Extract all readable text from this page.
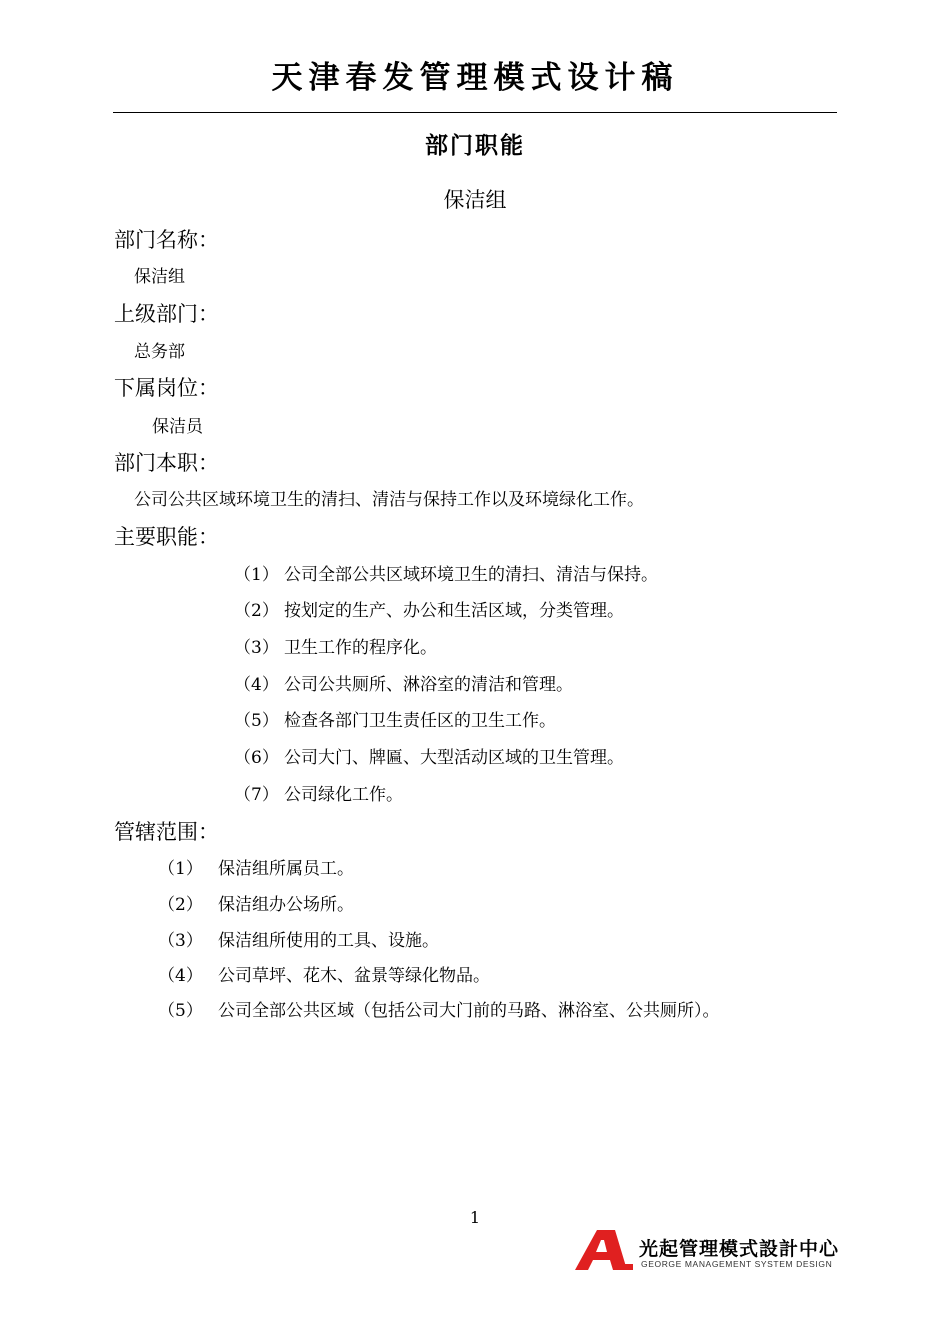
天津春发管理模式设计稿
部门职能
保洁组
部门名称：
保洁组
上级部门：
总务部
下属岗位：
保洁员
部门本职：
公司公共区域环境卫生的清扫、清洁与保持工作以及环境绿化工作。
主要职能：
（1） 公司全部公共区域环境卫生的清扫、清洁与保持。
（2） 按划定的生产、办公和生活区域，分类管理。
（3） 卫生工作的程序化。
（4） 公司公共厕所、淋浴室的清洁和管理。
（5） 检查各部门卫生责任区的卫生工作。
（6） 公司大门、牌匾、大型活动区域的卫生管理。
（7） 公司绿化工作。
管辖范围：
（1） 保洁组所属员工。
（2） 保洁组办公场所。
（3） 保洁组所使用的工具、设施。
（4） 公司草坪、花木、盆景等绿化物品。
（5） 公司全部公共区域（包括公司大门前的马路、淋浴室、公共厕所）。
1
光起管理模式設計中心
GEORGE MANAGEMENT SYSTEM DESIGN
